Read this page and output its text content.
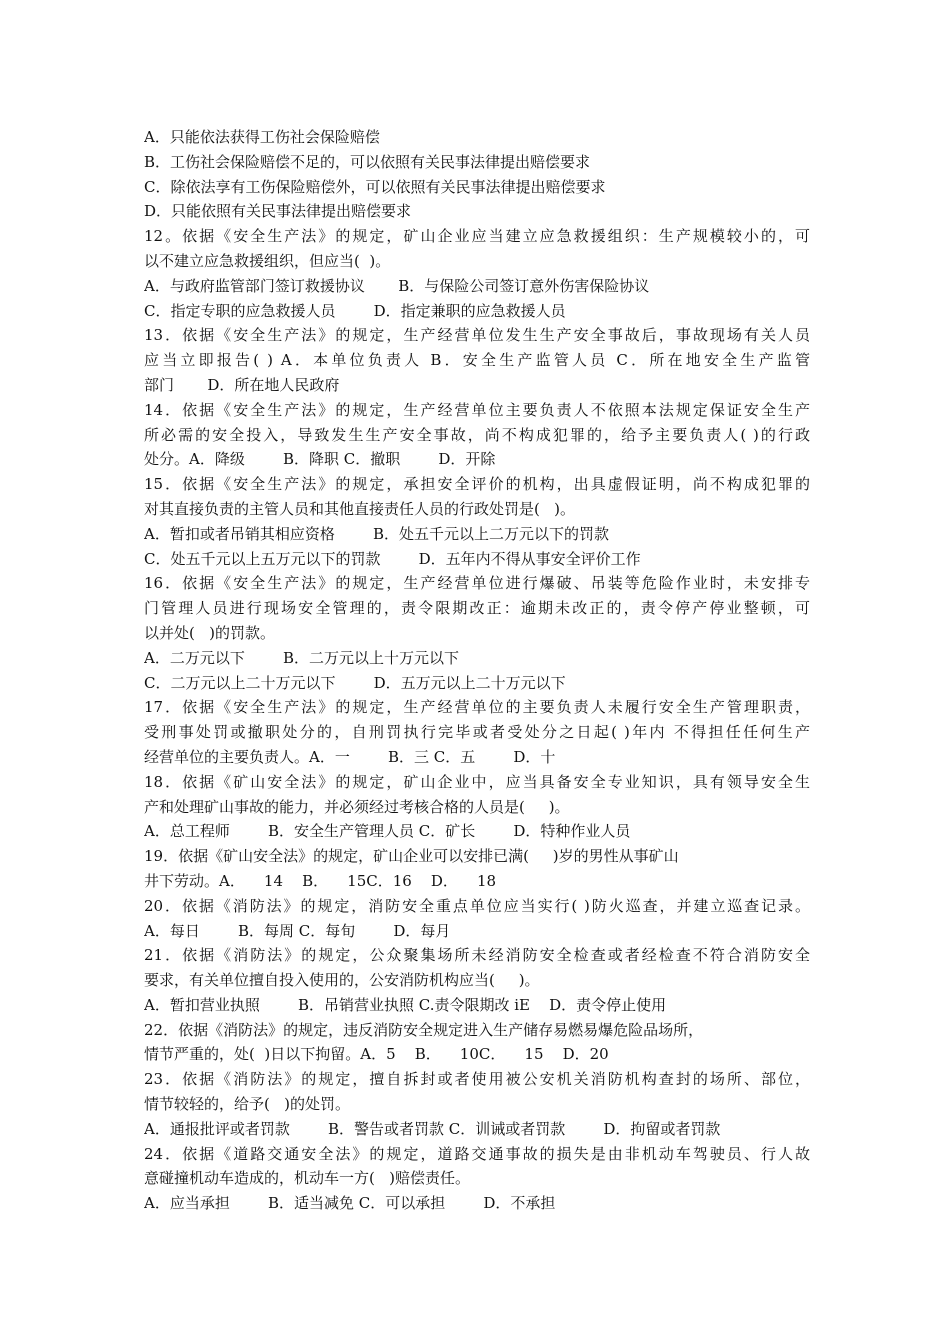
A．只能依法获得工伤社会保险赔偿
B．工伤社会保险赔偿不足的，可以依照有关民事法律提出赔偿要求
C．除依法享有工伤保险赔偿外，可以依照有关民事法律提出赔偿要求
D．只能依照有关民事法律提出赔偿要求
12。依据《安全生产法》的规定，矿山企业应当建立应急救援组织：生产规模较小的，可
以不建立应急救援组织，但应当(  )。
A．与政府监管部门签订救援协议       B．与保险公司签订意外伤害保险协议
C．指定专职的应急救援人员        D．指定兼职的应急救援人员
13．依据《安全生产法》的规定，生产经营单位发生生产安全事故后，事故现场有关人员
应当立即报告( ) A．本单位负责人 B．安全生产监管人员 C．所在地安全生产监管
部门       D．所在地人民政府
14．依据《安全生产法》的规定，生产经营单位主要负责人不依照本法规定保证安全生产
所必需的安全投入，导致发生生产安全事故，尚不构成犯罪的，给予主要负责人( )的行政
处分。A．降级        B．降职 C．撤职        D．开除
15．依据《安全生产法》的规定，承担安全评价的机构，出具虚假证明，尚不构成犯罪的
对其直接负责的主管人员和其他直接责任人员的行政处罚是(   )。
A．暂扣或者吊销其相应资格        B．处五千元以上二万元以下的罚款
C．处五千元以上五万元以下的罚款        D．五年内不得从事安全评价工作
16．依据《安全生产法》的规定，生产经营单位进行爆破、吊装等危险作业时，未安排专
门管理人员进行现场安全管理的，责令限期改正：逾期未改正的，责令停产停业整顿，可
以并处(   )的罚款。
A．二万元以下        B．二万元以上十万元以下
C．二万元以上二十万元以下        D．五万元以上二十万元以下
17．依据《安全生产法》的规定，生产经营单位的主要负责人未履行安全生产管理职责，
受刑事处罚或撤职处分的，自刑罚执行完毕或者受处分之日起( )年内 不得担任任何生产
经营单位的主要负责人。A．一        B．三 C．五        D．十
18．依据《矿山安全法》的规定，矿山企业中，应当具备安全专业知识，具有领导安全生
产和处理矿山事故的能力，并必须经过考核合格的人员是(     )。
A．总工程师        B．安全生产管理人员 C．矿长        D．特种作业人员
19．依据《矿山安全法》的规定，矿山企业可以安排已满(     )岁的男性从事矿山
井下劳动。A．    14    B．    15C．16    D．    18
20．依据《消防法》的规定，消防安全重点单位应当实行( )防火巡查，并建立巡查记录。
A．每日        B．每周 C．每旬        D．每月
21．依据《消防法》的规定，公众聚集场所未经消防安全检查或者经检查不符合消防安全
要求，有关单位擅自投入使用的，公安消防机构应当(     )。
A．暂扣营业执照        B．吊销营业执照 C.责令限期改 iE    D．责令停止使用
22．依据《消防法》的规定，违反消防安全规定进入生产储存易燃易爆危险品场所，
情节严重的，处(  )日以下拘留。A．5    B．    10C．    15    D．20
23．依据《消防法》的规定，擅自拆封或者使用被公安机关消防机构查封的场所、部位，
情节较轻的，给予(   )的处罚。
A．通报批评或者罚款        B．警告或者罚款 C．训诫或者罚款        D．拘留或者罚款
24．依据《道路交通安全法》的规定，道路交通事故的损失是由非机动车驾驶员、行人故
意碰撞机动车造成的，机动车一方(   )赔偿责任。
A．应当承担        B．适当减免 C．可以承担        D．不承担
